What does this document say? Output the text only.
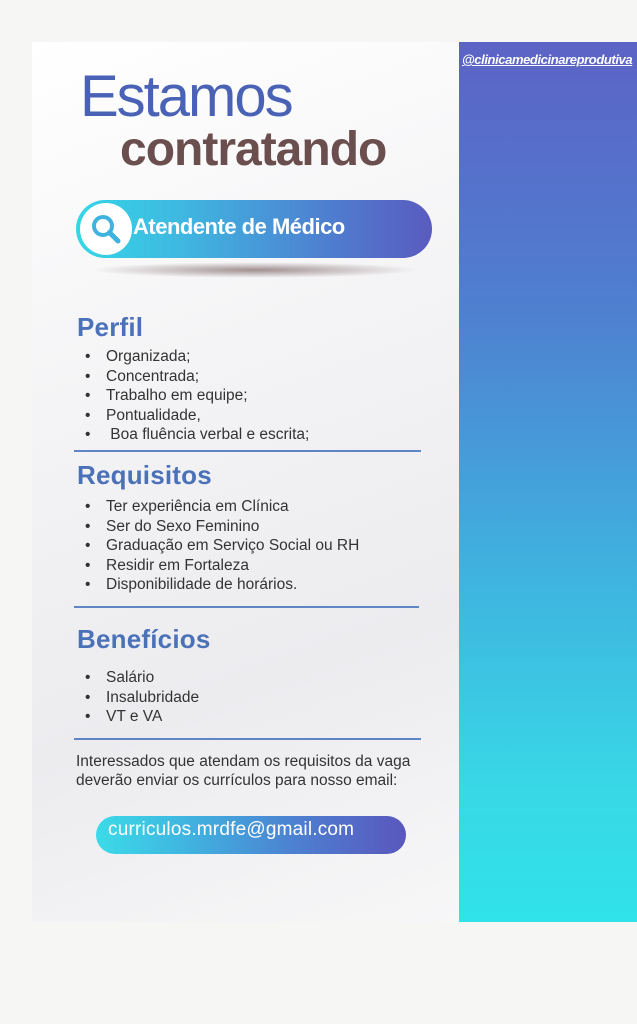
@clinicamedicinareprodutiva
Estamos
contratando
Atendente de Médico
Perfil
• Organizada;
• Concentrada;
• Trabalho em equipe;
• Pontualidade,
•  Boa fluência verbal e escrita;
Requisitos
• Ter experiência em Clínica
• Ser do Sexo Feminino
• Graduação em Serviço Social ou RH
• Residir em Fortaleza
• Disponibilidade de horários.
Benefícios
• Salário
• Insalubridade
• VT e VA
Interessados que atendam os requisitos da vaga deverão enviar os currículos para nosso email:
curriculos.mrdfe@gmail.com
